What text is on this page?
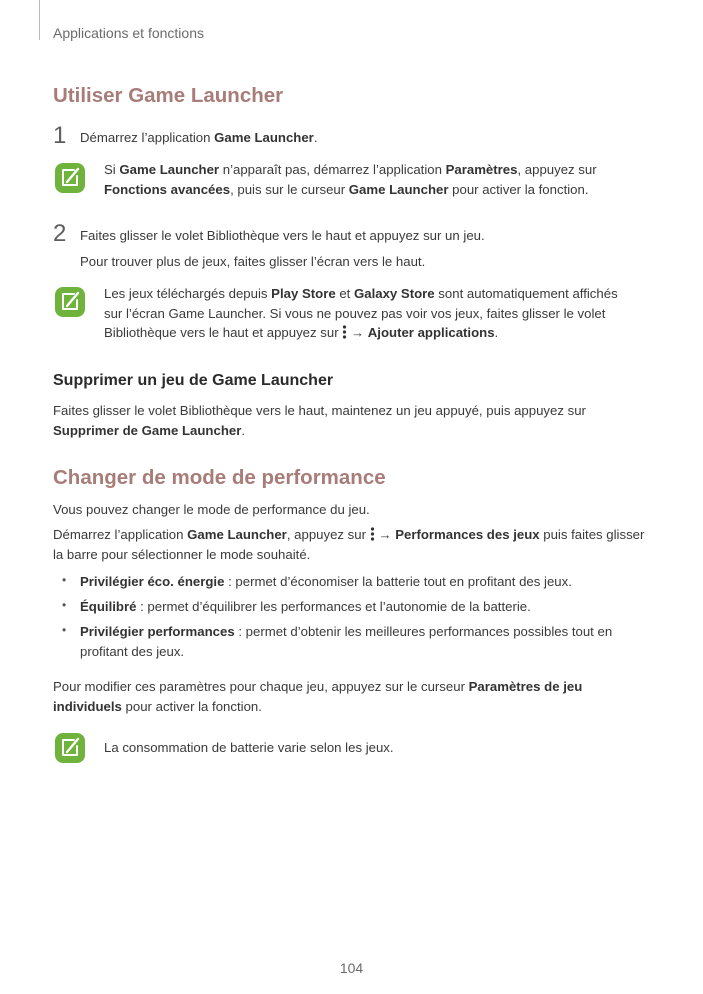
Applications et fonctions
Utiliser Game Launcher
1 Démarrez l’application Game Launcher.
Si Game Launcher n’apparaît pas, démarrez l’application Paramètres, appuyez sur
Fonctions avancées, puis sur le curseur Game Launcher pour activer la fonction.
2 Faites glisser le volet Bibliothèque vers le haut et appuyez sur un jeu.
Pour trouver plus de jeux, faites glisser l’écran vers le haut.
Les jeux téléchargés depuis Play Store et Galaxy Store sont automatiquement affichés
sur l’écran Game Launcher. Si vous ne pouvez pas voir vos jeux, faites glisser le volet
Bibliothèque vers le haut et appuyez sur  → Ajouter applications.
Supprimer un jeu de Game Launcher
Faites glisser le volet Bibliothèque vers le haut, maintenez un jeu appuyé, puis appuyez sur
Supprimer de Game Launcher.
Changer de mode de performance
Vous pouvez changer le mode de performance du jeu.
Démarrez l’application Game Launcher, appuyez sur  → Performances des jeux puis faites glisser
la barre pour sélectionner le mode souhaité.
• Privilégier éco. énergie : permet d’économiser la batterie tout en profitant des jeux.
• Équilibré : permet d’équilibrer les performances et l’autonomie de la batterie.
• Privilégier performances : permet d’obtenir les meilleures performances possibles tout en
profitant des jeux.
Pour modifier ces paramètres pour chaque jeu, appuyez sur le curseur Paramètres de jeu
individuels pour activer la fonction.
La consommation de batterie varie selon les jeux.
104
